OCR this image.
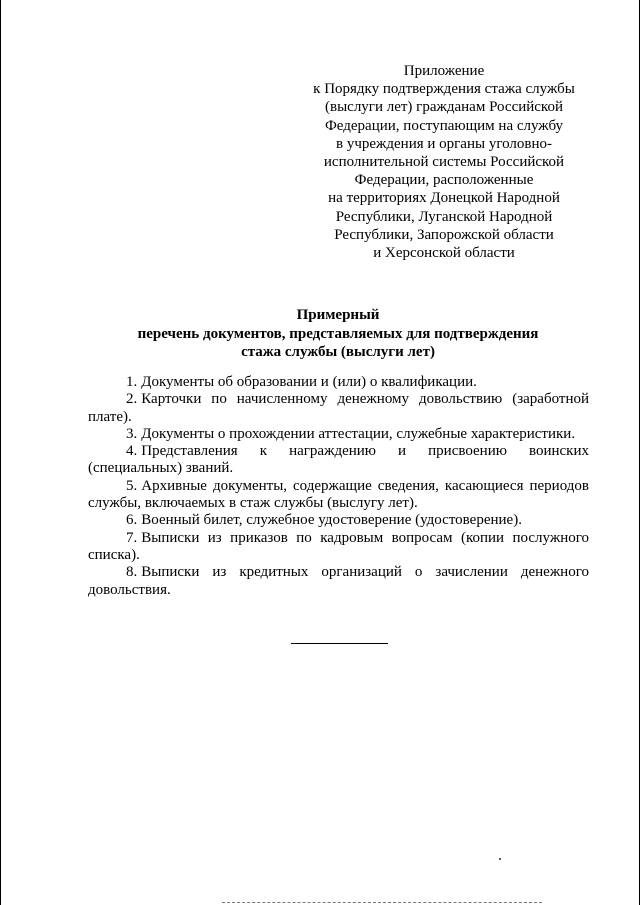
Приложение
к Порядку подтверждения стажа службы
(выслуги лет) гражданам Российской
Федерации, поступающим на службу
в учреждения и органы уголовно-
исполнительной системы Российской
Федерации, расположенные
на территориях Донецкой Народной
Республики, Луганской Народной
Республики, Запорожской области
и Херсонской области
Примерный
перечень документов, представляемых для подтверждения
стажа службы (выслуги лет)

1. Документы об образовании и (или) о квалификации.

2. Карточки по начисленному денежному довольствию (заработной плате).

3. Документы о прохождении аттестации, служебные характеристики.

4. Представления к награждению и присвоению воинских (специальных) званий.

5. Архивные документы, содержащие сведения, касающиеся периодов службы, включаемых в стаж службы (выслугу лет).

6. Военный билет, служебное удостоверение (удостоверение).

7. Выписки из приказов по кадровым вопросам (копии послужного списка).

8. Выписки из кредитных организаций о зачислении денежного довольствия.
